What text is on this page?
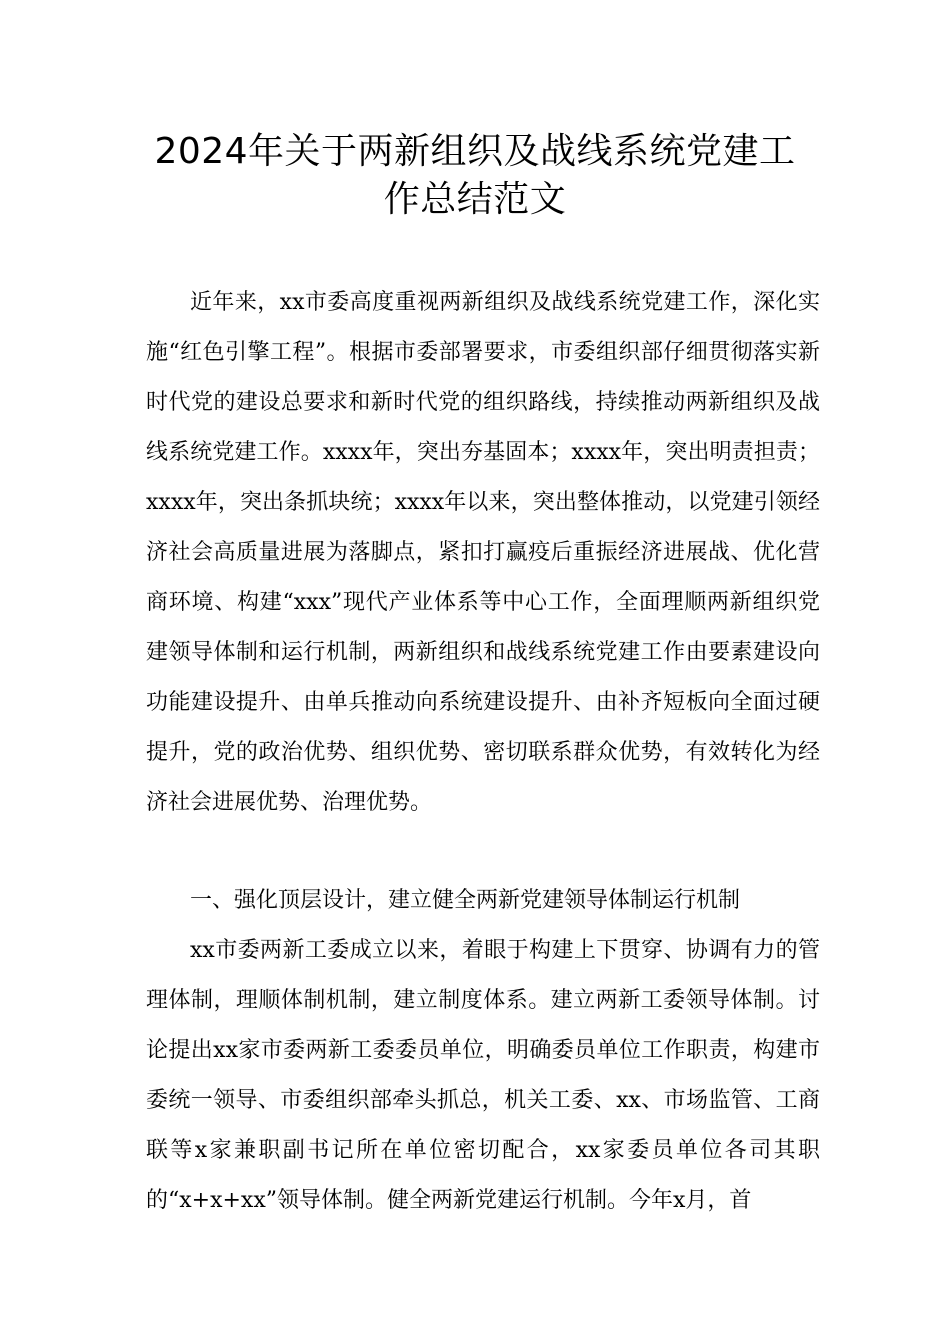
2024年关于两新组织及战线系统党建工
作总结范文

近年来，xx市委高度重视两新组织及战线系统党建工作，深化实施“红色引擎工程”。根据市委部署要求，市委组织部仔细贯彻落实新时代党的建设总要求和新时代党的组织路线，持续推动两新组织及战线系统党建工作。xxxx年，突出夯基固本；xxxx年，突出明责担责；xxxx年，突出条抓块统；xxxx年以来，突出整体推动，以党建引领经济社会高质量进展为落脚点，紧扣打赢疫后重振经济进展战、优化营商环境、构建“xxx”现代产业体系等中心工作，全面理顺两新组织党建领导体制和运行机制，两新组织和战线系统党建工作由要素建设向功能建设提升、由单兵推动向系统建设提升、由补齐短板向全面过硬提升，党的政治优势、组织优势、密切联系群众优势，有效转化为经济社会进展优势、治理优势。

一、强化顶层设计，建立健全两新党建领导体制运行机制

xx市委两新工委成立以来，着眼于构建上下贯穿、协调有力的管理体制，理顺体制机制，建立制度体系。建立两新工委领导体制。讨论提出xx家市委两新工委委员单位，明确委员单位工作职责，构建市委统一领导、市委组织部牵头抓总，机关工委、xx、市场监管、工商联等x家兼职副书记所在单位密切配合，xx家委员单位各司其职的“x+x+xx”领导体制。健全两新党建运行机制。今年x月，首
